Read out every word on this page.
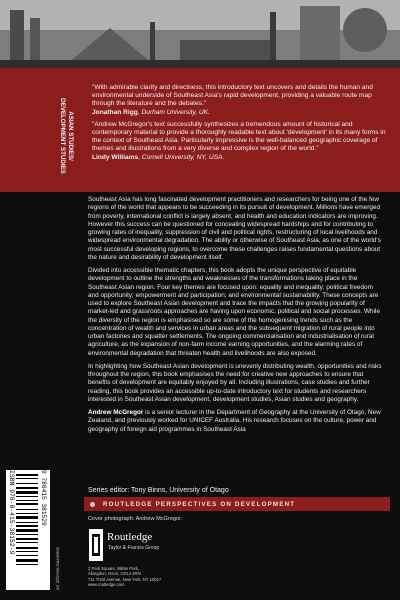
ASIAN STUDIES/
DEVELOPMENT STUDIES

"With admirable clarity and directness, this introductory text uncovers and details the human and environmental underside of Southeast Asia's rapid development, providing a valuable route map through the literature and the debates."
Jonathan Rigg, Durham University, UK.

"Andrew McGregor's text successfully synthesizes a tremendous amount of historical and contemporary material to provide a thoroughly readable text about 'development' in its many forms in the context of Southeast Asia. Particularly impressive is the well-balanced geographic coverage of themes and illustrations from a very diverse and complex region of the world."
Lindy Williams, Cornell University, NY, USA.

Southeast Asia has long fascinated development practitioners and researchers for being one of the few regions of the world that appears to be succeeding in its pursuit of development. Millions have emerged from poverty, international conflict is largely absent, and health and education indicators are improving. However this success can be questioned for concealing widespread hardships and for contributing to growing rates of inequality, suppression of civil and political rights, restructuring of local livelihoods and widespread environmental degradation. The ability or otherwise of Southeast Asia, as one of the world's most successful developing regions, to overcome these challenges raises fundamental questions about the nature and desirability of development itself.

Divided into accessible thematic chapters, this book adopts the unique perspective of equitable development to outline the strengths and weaknesses of the transformations taking place in the Southeast Asian region. Four key themes are focused upon: equality and inequality; political freedom and opportunity; empowerment and participation; and environmental sustainability. These concepts are used to explore Southeast Asian development and trace the impacts that the growing popularity of market-led and grassroots approaches are having upon economic, political and social processes. While the diversity of the region is emphasised so are some of the homogenising trends such as the concentration of wealth and services in urban areas and the subsequent migration of rural people into urban factories and squatter settlements. The ongoing commercialisation and industrialisation of rural agriculture, as the expansion of non-farm income earning opportunities, and the alarming rates of environmental degradation that threaten health and livelihoods are also exposed.

In highlighting how Southeast Asian development is unevenly distributing wealth, opportunities and risks throughout the region, this book emphasises the need for creative new approaches to ensure that benefits of development are equitably enjoyed by all. Including illustrations, case studies and further reading, this book provides an accessible up-to-date introductory text for students and researchers interested in Southeast Asian development, development studies, Asian studies and geography.

Andrew McGregor is a senior lecturer in the Department of Geography at the University of Otago, New Zealand, and previously worked for UNICEF Australia. His research focuses on the culture, power and geography of foreign aid programmes in Southeast Asia

Series editor: Tony Binns, University of Otago
ROUTLEDGE PERSPECTIVES ON DEVELOPMENT
Cover photograph: Andrew McGregor.
Routledge
Taylor & Francis Group
2 Park Square, Milton Park,
Abingdon, Oxon, OX14 4RN
711 Third Avenue, New York, NY 10017
www.routledge.com
ISBN 978-0-415-38152-9	9 780415 381529
an informa business
